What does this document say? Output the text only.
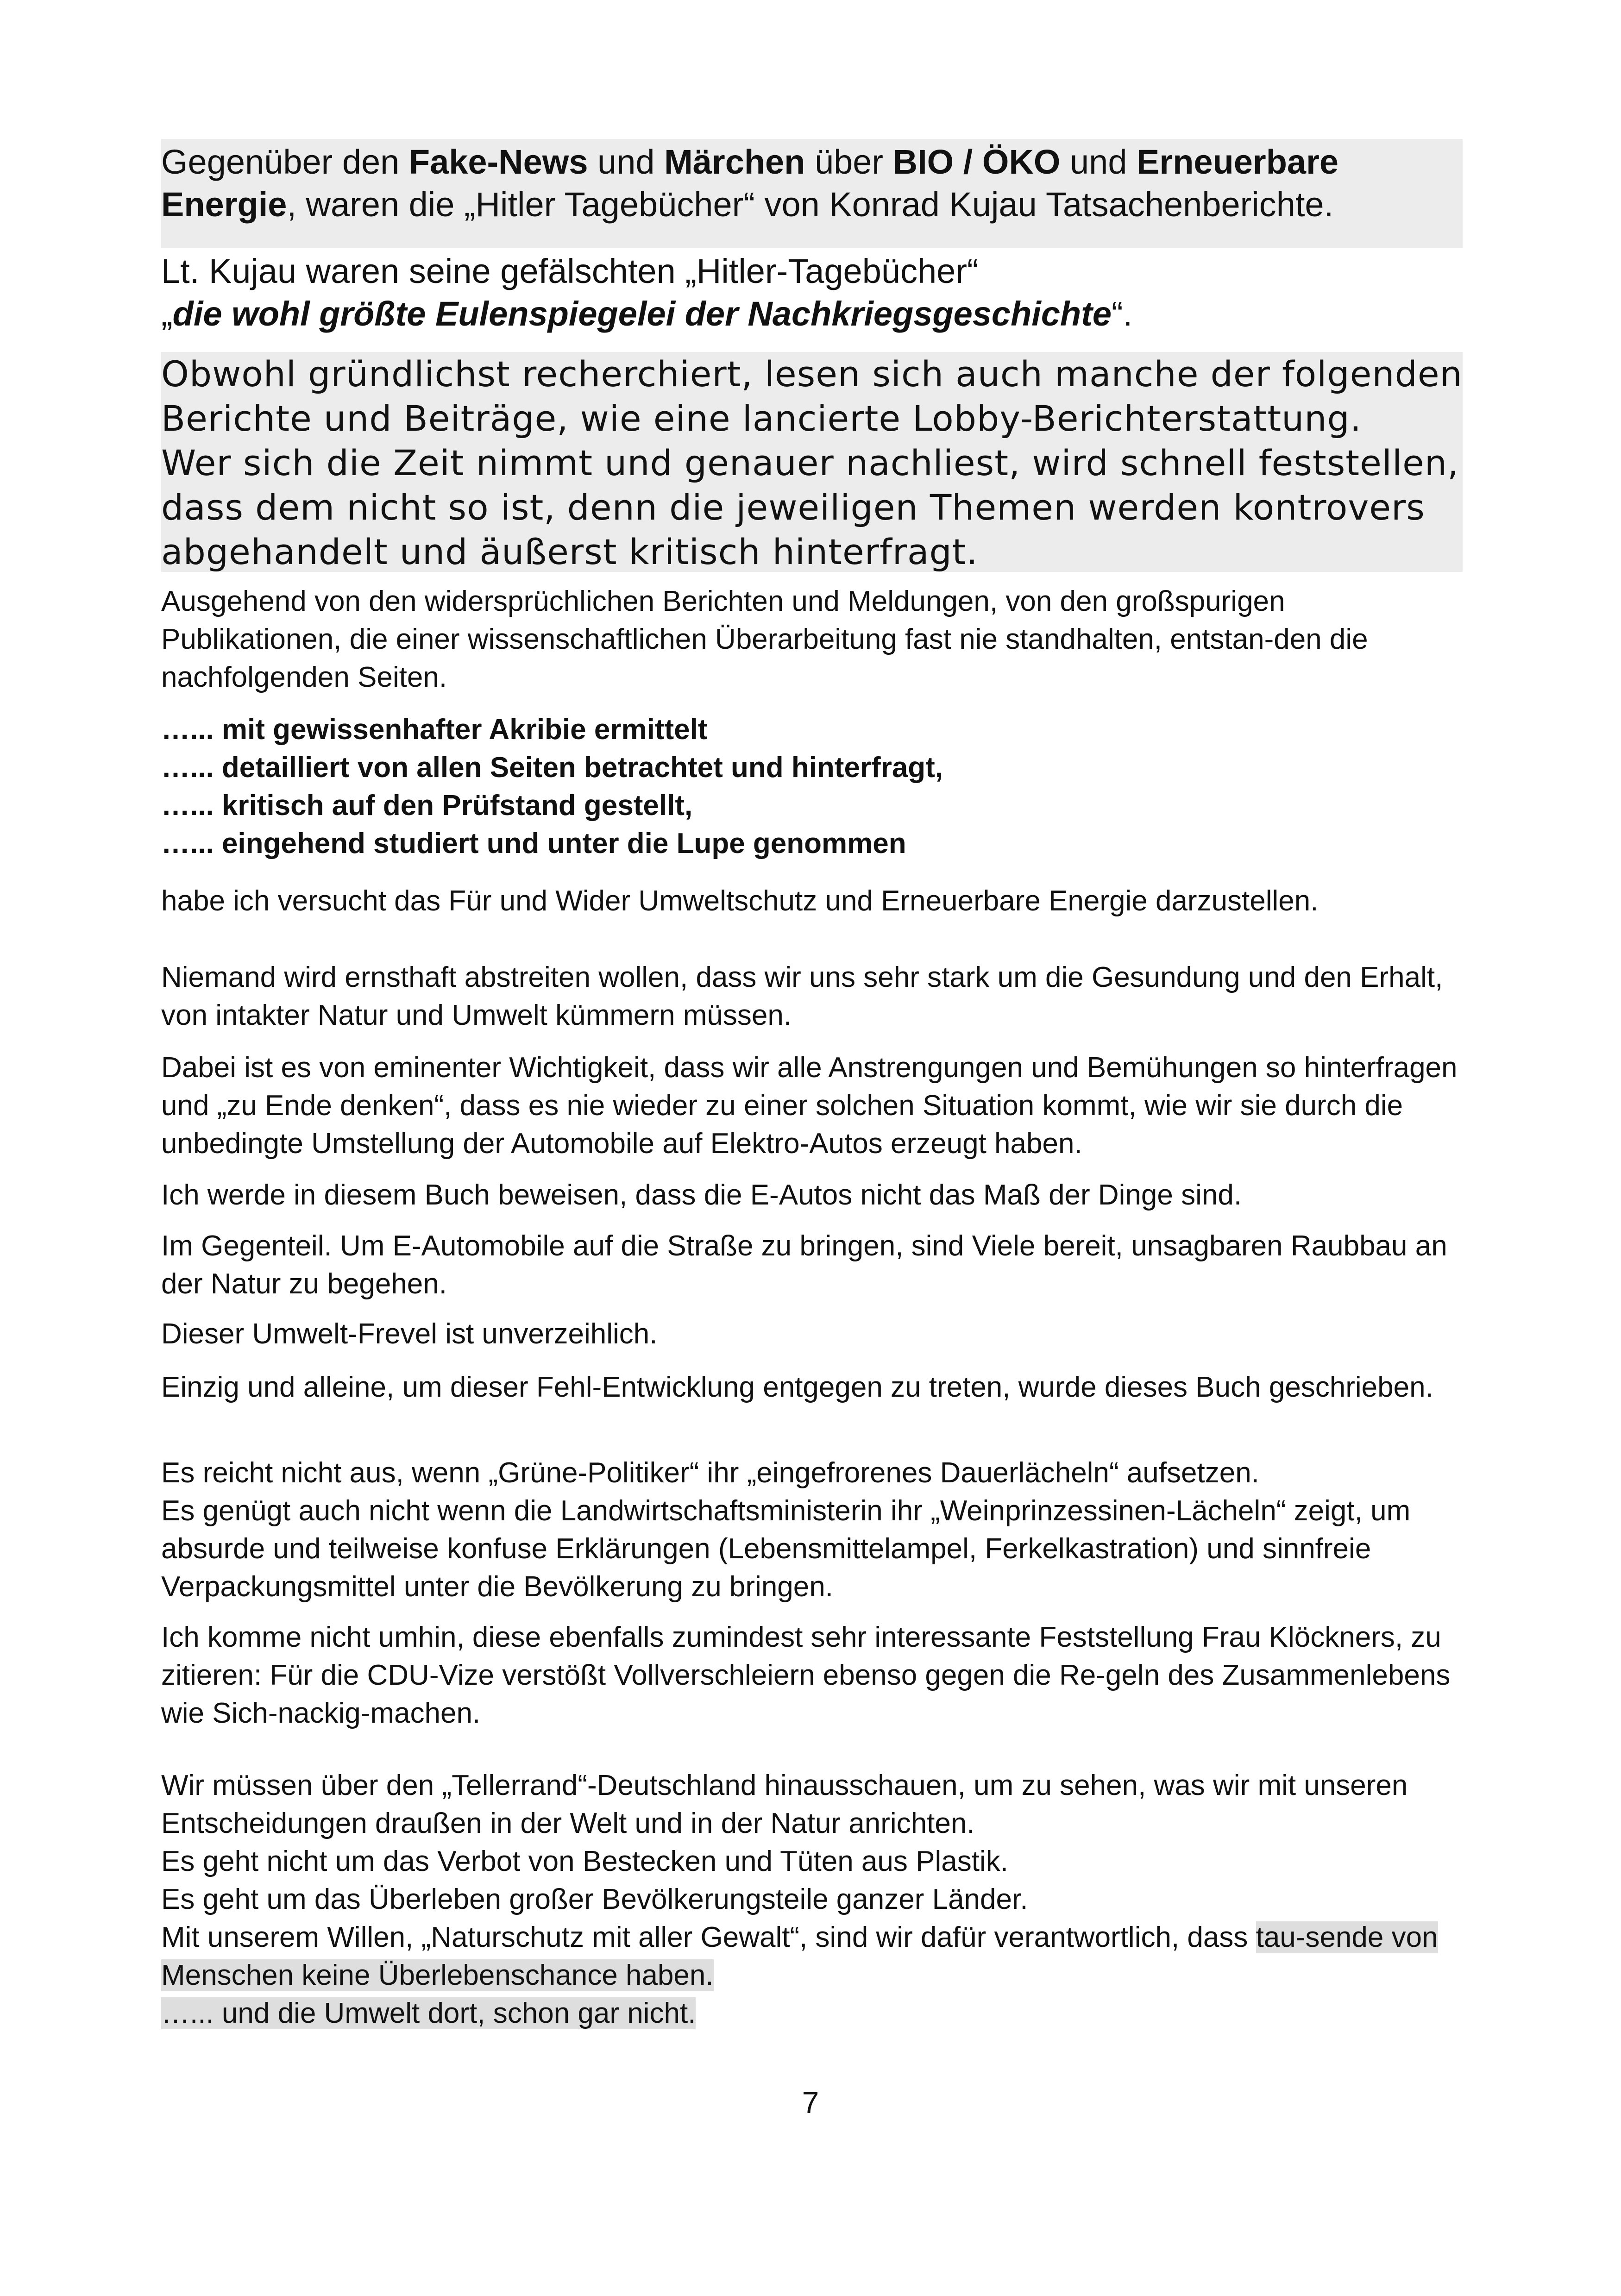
Gegenüber den Fake-News und Märchen über BIO / ÖKO und Erneuerbare Energie, waren die „Hitler Tagebücher“ von Konrad Kujau Tatsachenberichte.
Lt. Kujau waren seine gefälschten „Hitler-Tagebücher“
„die wohl größte Eulenspiegelei der Nachkriegsgeschichte“.
Obwohl gründlichst recherchiert, lesen sich auch manche der folgenden Berichte und Beiträge, wie eine lancierte Lobby-Berichterstattung.
Wer sich die Zeit nimmt und genauer nachliest, wird schnell feststellen, dass dem nicht so ist, denn die jeweiligen Themen werden kontrovers abgehandelt und äußerst kritisch hinterfragt.
Ausgehend von den widersprüchlichen Berichten und Meldungen, von den großspurigen Publikationen, die einer wissenschaftlichen Überarbeitung fast nie standhalten, entstan-den die nachfolgenden Seiten.
…... mit gewissenhafter Akribie ermittelt
…... detailliert von allen Seiten betrachtet und hinterfragt,
…... kritisch auf den Prüfstand gestellt,
…... eingehend studiert und unter die Lupe genommen
habe ich versucht das Für und Wider Umweltschutz und Erneuerbare Energie darzustellen.
Niemand wird ernsthaft abstreiten wollen, dass wir uns sehr stark um die Gesundung und den Erhalt, von intakter Natur und Umwelt kümmern müssen.
Dabei ist es von eminenter Wichtigkeit, dass wir alle Anstrengungen und Bemühungen so hinterfragen und „zu Ende denken“, dass es nie wieder zu einer solchen Situation kommt, wie wir sie durch die unbedingte Umstellung der Automobile auf Elektro-Autos erzeugt haben.
Ich werde in diesem Buch beweisen, dass die E-Autos nicht das Maß der Dinge sind.
Im Gegenteil. Um E-Automobile auf die Straße zu bringen, sind Viele bereit, unsagbaren Raubbau an der Natur zu begehen.
Dieser Umwelt-Frevel ist unverzeihlich.
Einzig und alleine, um dieser Fehl-Entwicklung entgegen zu treten, wurde dieses Buch geschrieben.
Es reicht nicht aus, wenn „Grüne-Politiker“ ihr „eingefrorenes Dauerlächeln“ aufsetzen.
Es genügt auch nicht wenn die Landwirtschaftsministerin ihr „Weinprinzessinen-Lächeln“ zeigt, um absurde und teilweise konfuse Erklärungen (Lebensmittelampel, Ferkelkastration) und sinnfreie Verpackungsmittel unter die Bevölkerung zu bringen.
Ich komme nicht umhin, diese ebenfalls zumindest sehr interessante Feststellung Frau Klöckners, zu zitieren: Für die CDU-Vize verstößt Vollverschleiern ebenso gegen die Re-geln des Zusammenlebens wie Sich-nackig-machen.
Wir müssen über den „Tellerrand“-Deutschland hinausschauen, um zu sehen, was wir mit unseren Entscheidungen draußen in der Welt und in der Natur anrichten.
Es geht nicht um das Verbot von Bestecken und Tüten aus Plastik.
Es geht um das Überleben großer Bevölkerungsteile ganzer Länder.
Mit unserem Willen, „Naturschutz mit aller Gewalt“, sind wir dafür verantwortlich, dass tau-sende von Menschen keine Überlebenschance haben.
…... und die Umwelt dort, schon gar nicht.
7
